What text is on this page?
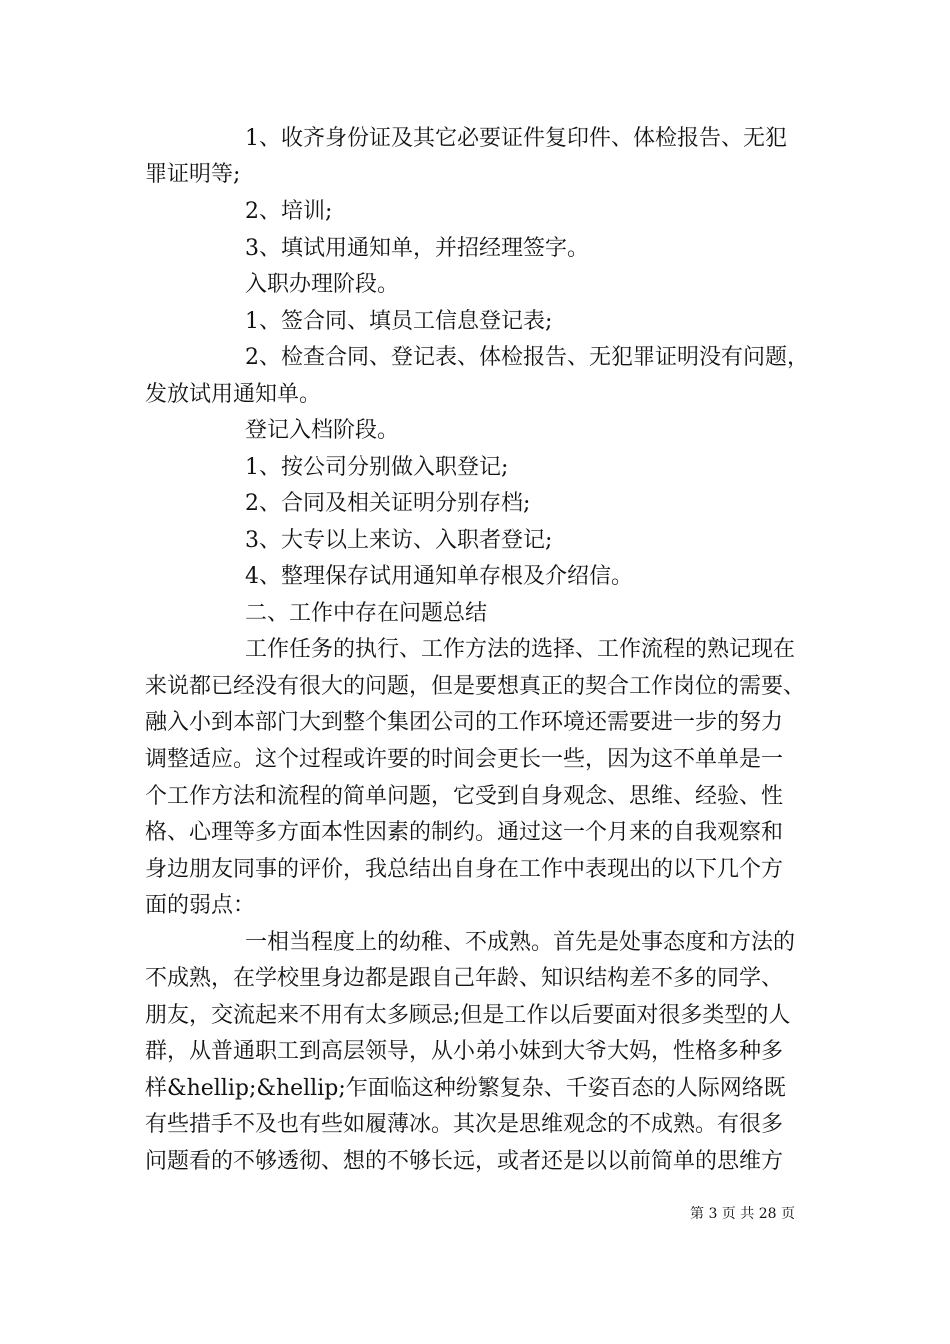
1、收齐身份证及其它必要证件复印件、体检报告、无犯
罪证明等;
2、培训;
3、填试用通知单，并招经理签字。
入职办理阶段。
1、签合同、填员工信息登记表;
2、检查合同、登记表、体检报告、无犯罪证明没有问题，
发放试用通知单。
登记入档阶段。
1、按公司分别做入职登记;
2、合同及相关证明分别存档;
3、大专以上来访、入职者登记;
4、整理保存试用通知单存根及介绍信。
二、工作中存在问题总结
工作任务的执行、工作方法的选择、工作流程的熟记现在
来说都已经没有很大的问题，但是要想真正的契合工作岗位的需要、
融入小到本部门大到整个集团公司的工作环境还需要进一步的努力
调整适应。这个过程或许要的时间会更长一些，因为这不单单是一
个工作方法和流程的简单问题，它受到自身观念、思维、经验、性
格、心理等多方面本性因素的制约。通过这一个月来的自我观察和
身边朋友同事的评价，我总结出自身在工作中表现出的以下几个方
面的弱点：
一相当程度上的幼稚、不成熟。首先是处事态度和方法的
不成熟，在学校里身边都是跟自己年龄、知识结构差不多的同学、
朋友，交流起来不用有太多顾忌;但是工作以后要面对很多类型的人
群，从普通职工到高层领导，从小弟小妹到大爷大妈，性格多种多
样&hellip;&hellip;乍面临这种纷繁复杂、千姿百态的人际网络既
有些措手不及也有些如履薄冰。其次是思维观念的不成熟。有很多
问题看的不够透彻、想的不够长远，或者还是以以前简单的思维方
第 3 页 共 28 页
